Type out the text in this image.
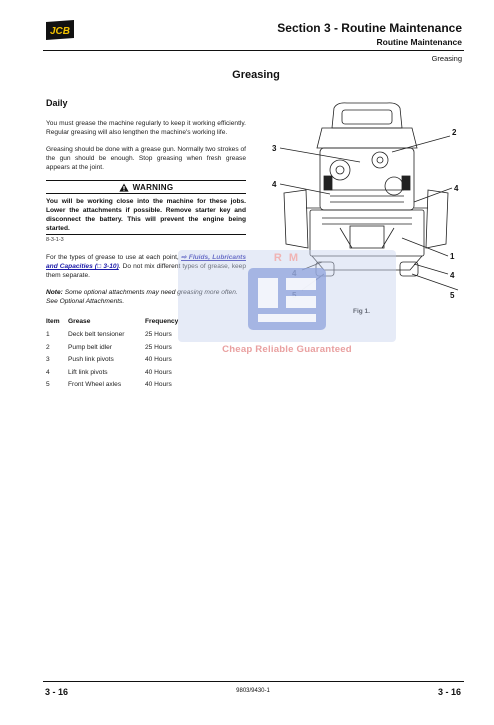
JCB	Section 3 - Routine Maintenance
Routine Maintenance
Greasing
Greasing
Daily

You must grease the machine regularly to keep it working efficiently. Regular greasing will also lengthen the machine's working life.

Greasing should be done with a grease gun. Normally two strokes of the gun should be enough. Stop greasing when fresh grease appears at the joint.

WARNING

You will be working close into the machine for these jobs. Lower the attachments if possible. Remove starter key and disconnect the battery. This will prevent the engine being started.

8-3-1-3

For the types of grease to use at each point, ⇨ Fluids, Lubricants and Capacities (□ 3-10). Do not mix different types of grease, keep them separate.

Note: Some optional attachments may need greasing more often. See Optional Attachments.

Item	Grease	Frequency
1	Deck belt tensioner	25 Hours
2	Pump belt idler	25 Hours
3	Push link pivots	40 Hours
4	Lift link pivots	40 Hours
5	Front Wheel axles	40 Hours
3
2
4	4
1
4
5
Fig 1.
R M
Cheap Reliable Guaranteed
3 - 16	9803/9430-1	3 - 16
